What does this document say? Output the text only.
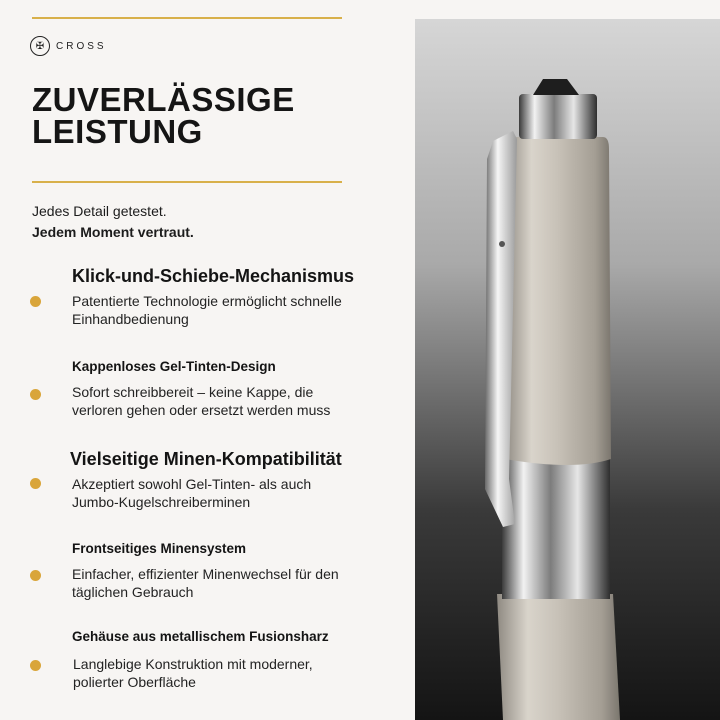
✠	CROSS
ZUVERLÄSSIGE
LEISTUNG
Jedes Detail getestet.
Jedem Moment vertraut.
Klick-und-Schiebe-Mechanismus
Patentierte Technologie ermöglicht schnelle
Einhandbedienung
Kappenloses Gel-Tinten-Design
Sofort schreibbereit – keine Kappe, die
verloren gehen oder ersetzt werden muss
Vielseitige Minen-Kompatibilität
Akzeptiert sowohl Gel-Tinten- als auch
Jumbo-Kugelschreiberminen
Frontseitiges Minensystem
Einfacher, effizienter Minenwechsel für den
täglichen Gebrauch
Gehäuse aus metallischem Fusionsharz
Langlebige Konstruktion mit moderner,
polierter Oberfläche
